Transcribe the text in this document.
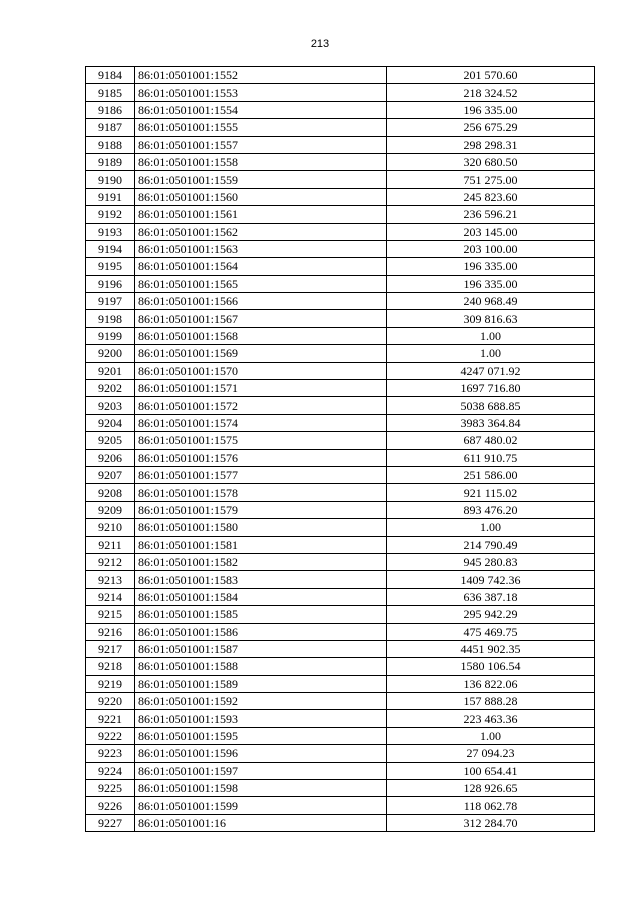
213
9184	86:01:0501001:1552	201 570.60
9185	86:01:0501001:1553	218 324.52
9186	86:01:0501001:1554	196 335.00
9187	86:01:0501001:1555	256 675.29
9188	86:01:0501001:1557	298 298.31
9189	86:01:0501001:1558	320 680.50
9190	86:01:0501001:1559	751 275.00
9191	86:01:0501001:1560	245 823.60
9192	86:01:0501001:1561	236 596.21
9193	86:01:0501001:1562	203 145.00
9194	86:01:0501001:1563	203 100.00
9195	86:01:0501001:1564	196 335.00
9196	86:01:0501001:1565	196 335.00
9197	86:01:0501001:1566	240 968.49
9198	86:01:0501001:1567	309 816.63
9199	86:01:0501001:1568	1.00
9200	86:01:0501001:1569	1.00
9201	86:01:0501001:1570	4247 071.92
9202	86:01:0501001:1571	1697 716.80
9203	86:01:0501001:1572	5038 688.85
9204	86:01:0501001:1574	3983 364.84
9205	86:01:0501001:1575	687 480.02
9206	86:01:0501001:1576	611 910.75
9207	86:01:0501001:1577	251 586.00
9208	86:01:0501001:1578	921 115.02
9209	86:01:0501001:1579	893 476.20
9210	86:01:0501001:1580	1.00
9211	86:01:0501001:1581	214 790.49
9212	86:01:0501001:1582	945 280.83
9213	86:01:0501001:1583	1409 742.36
9214	86:01:0501001:1584	636 387.18
9215	86:01:0501001:1585	295 942.29
9216	86:01:0501001:1586	475 469.75
9217	86:01:0501001:1587	4451 902.35
9218	86:01:0501001:1588	1580 106.54
9219	86:01:0501001:1589	136 822.06
9220	86:01:0501001:1592	157 888.28
9221	86:01:0501001:1593	223 463.36
9222	86:01:0501001:1595	1.00
9223	86:01:0501001:1596	27 094.23
9224	86:01:0501001:1597	100 654.41
9225	86:01:0501001:1598	128 926.65
9226	86:01:0501001:1599	118 062.78
9227	86:01:0501001:16	312 284.70
